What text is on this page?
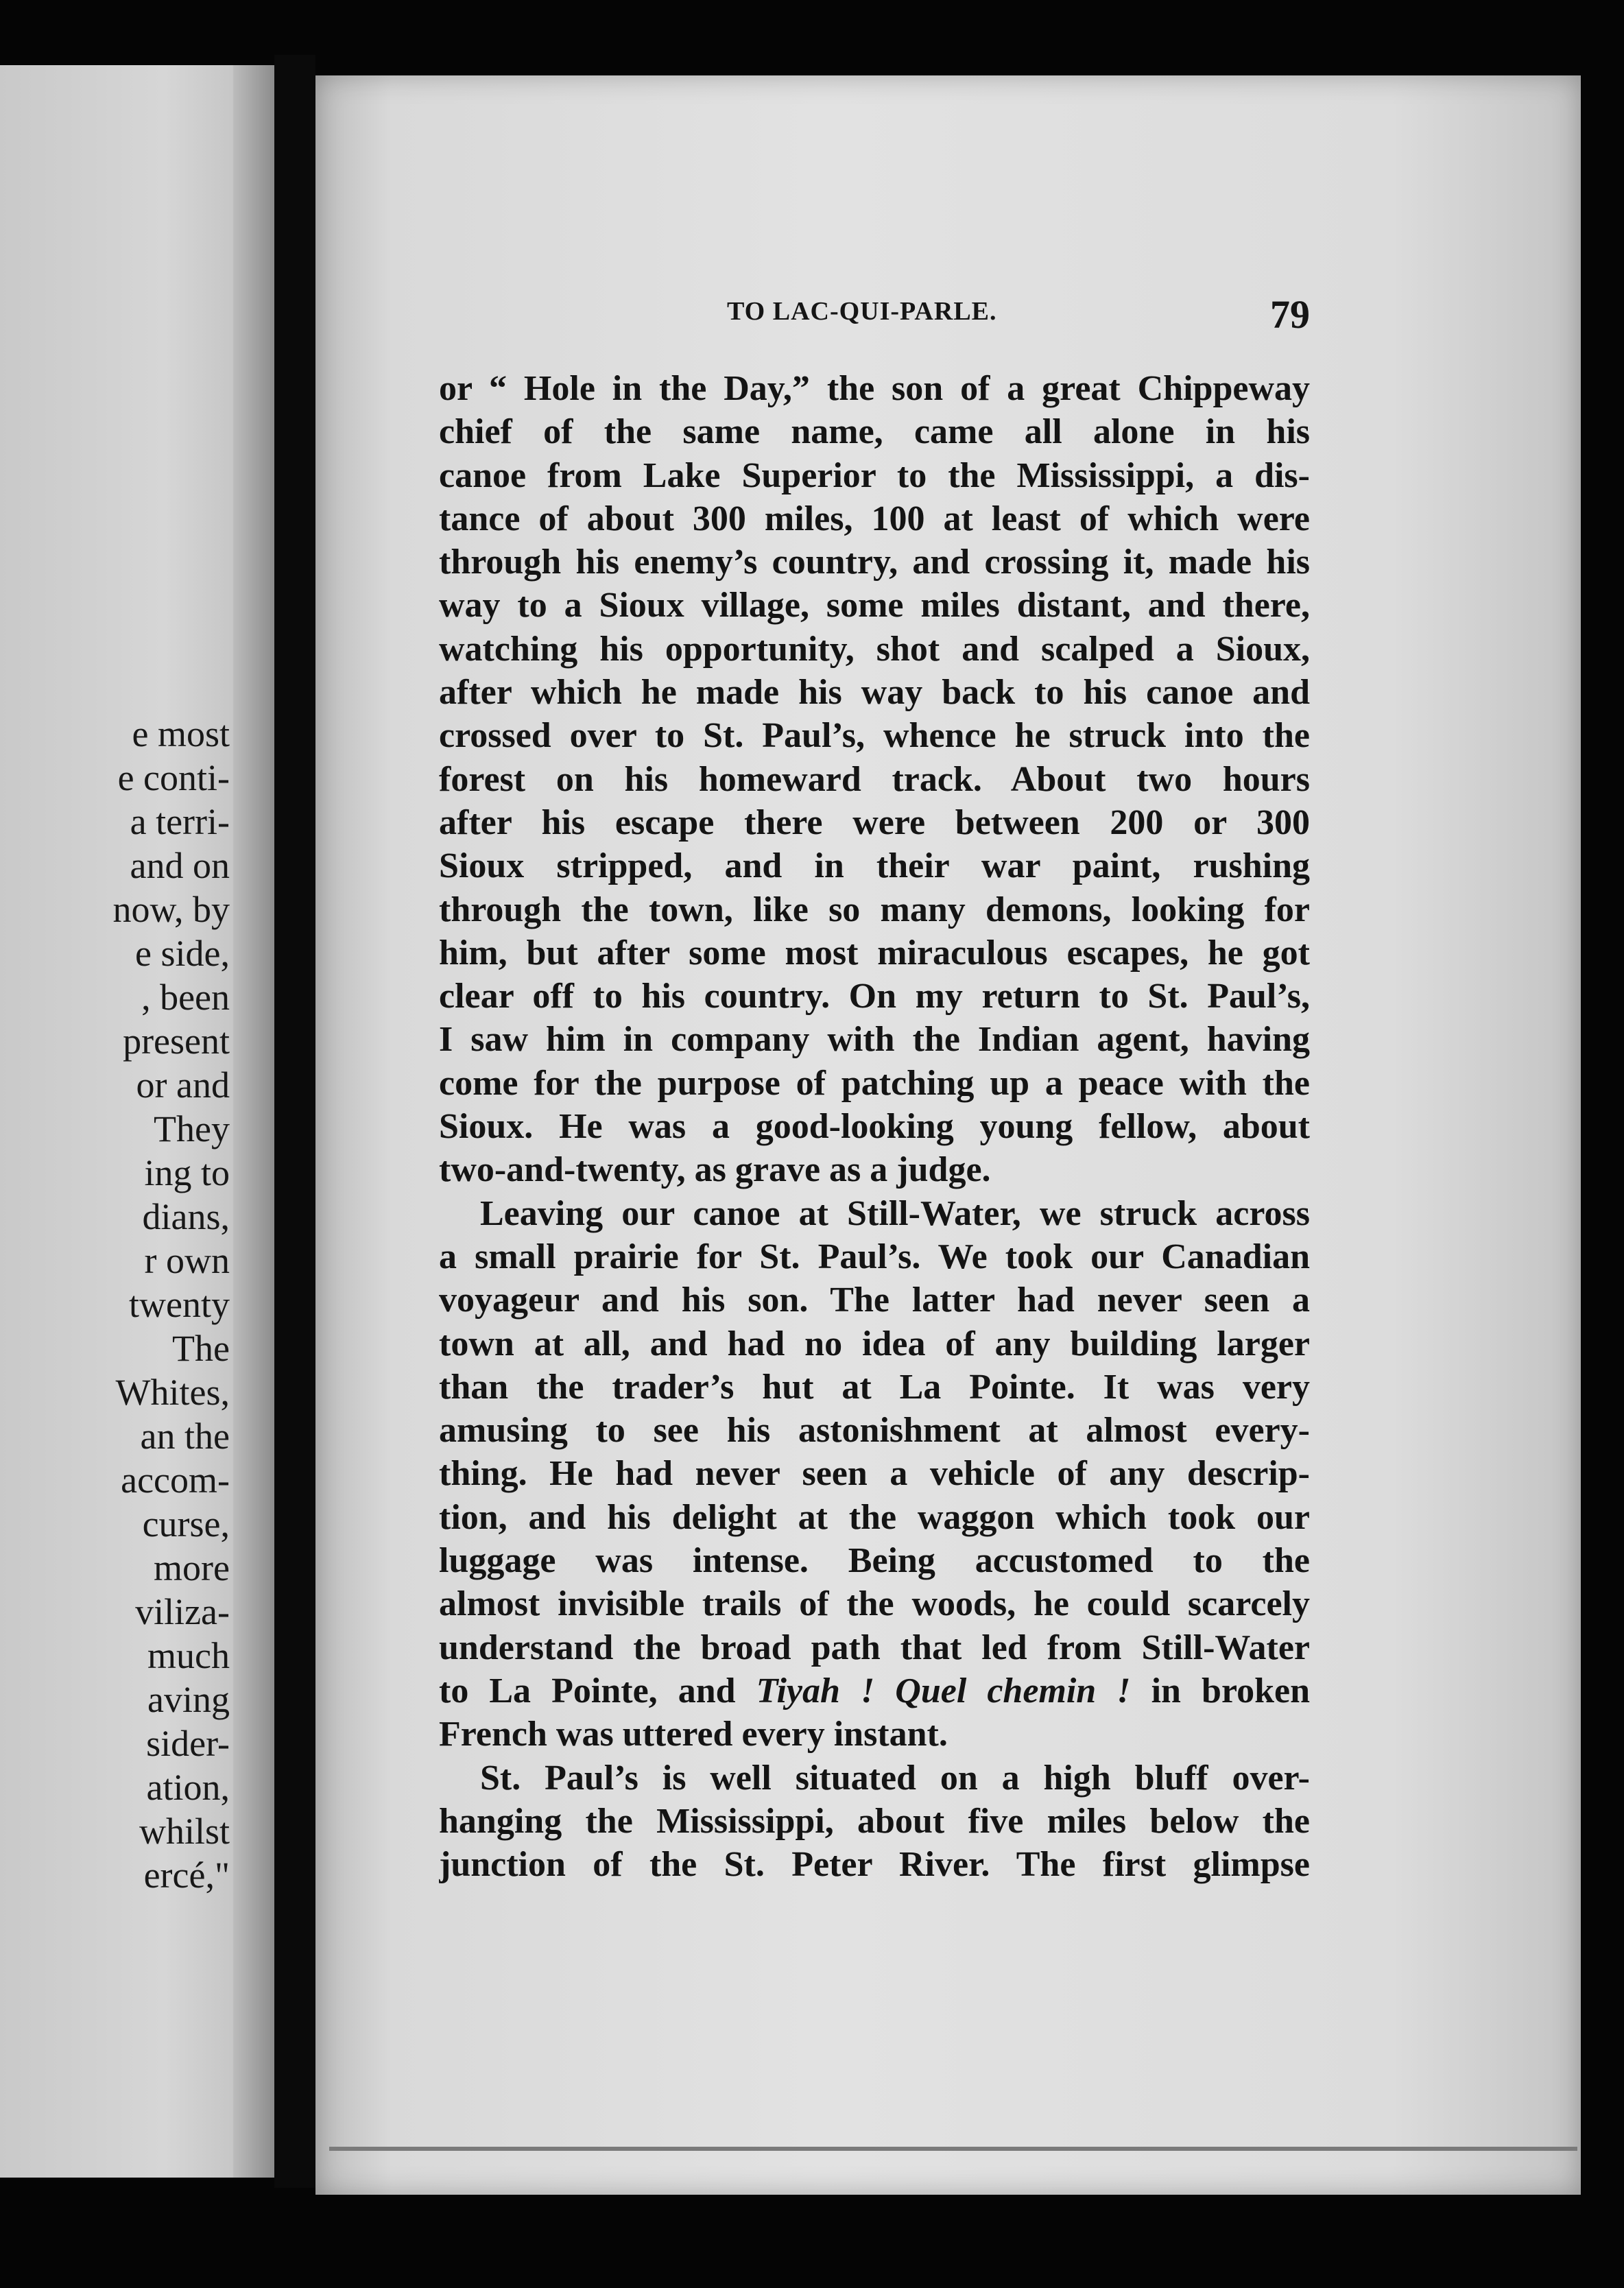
e most
e conti-
a terri-
and on
now, by
e side,
, been
present
or and
They
ing to
dians,
r own
twenty
The
Whites,
an the
accom-
curse,
more
viliza-
much
aving
sider-
ation,
whilst
ercé,"
TO LAC-QUI-PARLE.	79
or “ Hole in the Day,” the son of a great Chippeway
chief of the same name, came all alone in his
canoe from Lake Superior to the Mississippi, a dis-
tance of about 300 miles, 100 at least of which were
through his enemy’s country, and crossing it, made his
way to a Sioux village, some miles distant, and there,
watching his opportunity, shot and scalped a Sioux,
after which he made his way back to his canoe and
crossed over to St. Paul’s, whence he struck into the
forest on his homeward track. About two hours
after his escape there were between 200 or 300
Sioux stripped, and in their war paint, rushing
through the town, like so many demons, looking for
him, but after some most miraculous escapes, he got
clear off to his country. On my return to St. Paul’s,
I saw him in company with the Indian agent, having
come for the purpose of patching up a peace with the
Sioux. He was a good-looking young fellow, about
two-and-twenty, as grave as a judge.
Leaving our canoe at Still-Water, we struck across
a small prairie for St. Paul’s. We took our Canadian
voyageur and his son. The latter had never seen a
town at all, and had no idea of any building larger
than the trader’s hut at La Pointe. It was very
amusing to see his astonishment at almost every-
thing. He had never seen a vehicle of any descrip-
tion, and his delight at the waggon which took our
luggage was intense. Being accustomed to the
almost invisible trails of the woods, he could scarcely
understand the broad path that led from Still-Water
to La Pointe, and Tiyah ! Quel chemin ! in broken
French was uttered every instant.
St. Paul’s is well situated on a high bluff over-
hanging the Mississippi, about five miles below the
junction of the St. Peter River. The first glimpse
